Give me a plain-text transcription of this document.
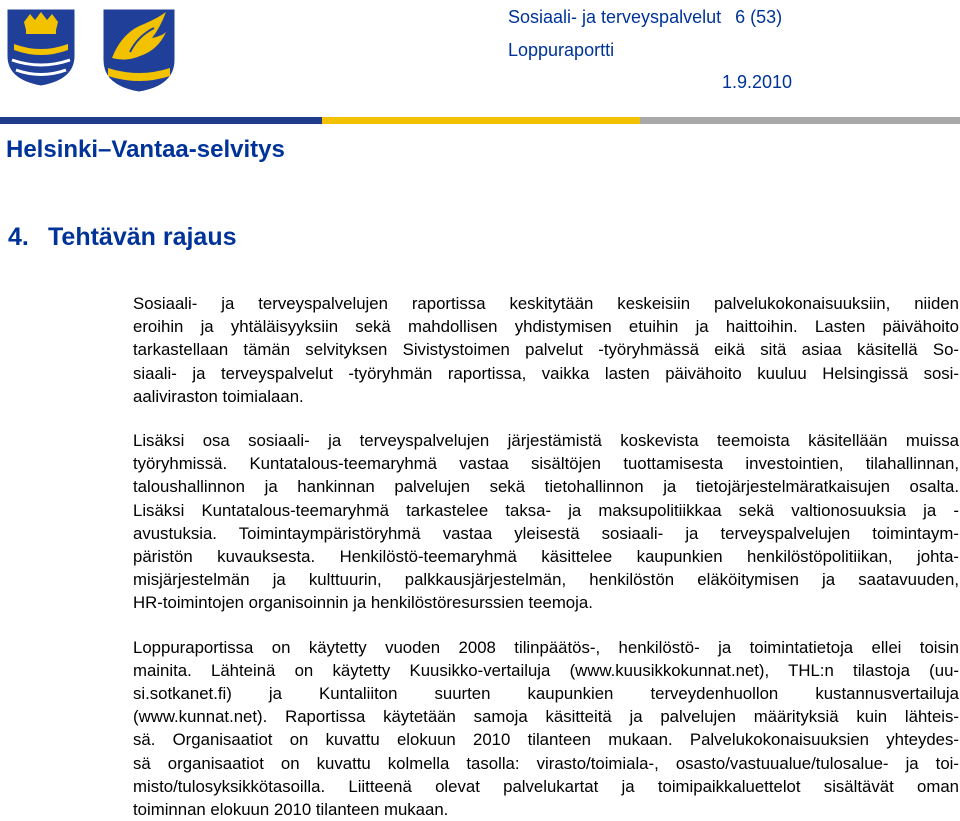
Sosiaali- ja terveyspalvelut 6 (53)
Loppuraportti
1.9.2010
Helsinki–Vantaa-selvitys
4. Tehtävän rajaus

Sosiaali- ja terveyspalvelujen raportissa keskitytään keskeisiin palvelukokonaisuuksiin, niiden
eroihin ja yhtäläisyyksiin sekä mahdollisen yhdistymisen etuihin ja haittoihin. Lasten päivähoito
tarkastellaan tämän selvityksen Sivistystoimen palvelut -työryhmässä eikä sitä asiaa käsitellä So-
siaali- ja terveyspalvelut -työryhmän raportissa, vaikka lasten päivähoito kuuluu Helsingissä sosi-
aaliviraston toimialaan.

Lisäksi osa sosiaali- ja terveyspalvelujen järjestämistä koskevista teemoista käsitellään muissa
työryhmissä. Kuntatalous-teemaryhmä vastaa sisältöjen tuottamisesta investointien, tilahallinnan,
taloushallinnon ja hankinnan palvelujen sekä tietohallinnon ja tietojärjestelmäratkaisujen osalta.
Lisäksi Kuntatalous-teemaryhmä tarkastelee taksa- ja maksupolitiikkaa sekä valtionosuuksia ja -
avustuksia. Toimintaympäristöryhmä vastaa yleisestä sosiaali- ja terveyspalvelujen toimintaym-
päristön kuvauksesta. Henkilöstö-teemaryhmä käsittelee kaupunkien henkilöstöpolitiikan, johta-
misjärjestelmän ja kulttuurin, palkkausjärjestelmän, henkilöstön eläköitymisen ja saatavuuden,
HR-toimintojen organisoinnin ja henkilöstöresurssien teemoja.

Loppuraportissa on käytetty vuoden 2008 tilinpäätös-, henkilöstö- ja toimintatietoja ellei toisin
mainita. Lähteinä on käytetty Kuusikko-vertailuja (www.kuusikkokunnat.net), THL:n tilastoja (uu-
si.sotkanet.fi) ja Kuntaliiton suurten kaupunkien terveydenhuollon kustannusvertailuja
(www.kunnat.net). Raportissa käytetään samoja käsitteitä ja palvelujen määrityksiä kuin lähteis-
sä. Organisaatiot on kuvattu elokuun 2010 tilanteen mukaan. Palvelukokonaisuuksien yhteydes-
sä organisaatiot on kuvattu kolmella tasolla: virasto/toimiala-, osasto/vastuualue/tulosalue- ja toi-
misto/tulosyksikkötasoilla. Liitteenä olevat palvelukartat ja toimipaikkaluettelot sisältävät oman
toiminnan elokuun 2010 tilanteen mukaan.
